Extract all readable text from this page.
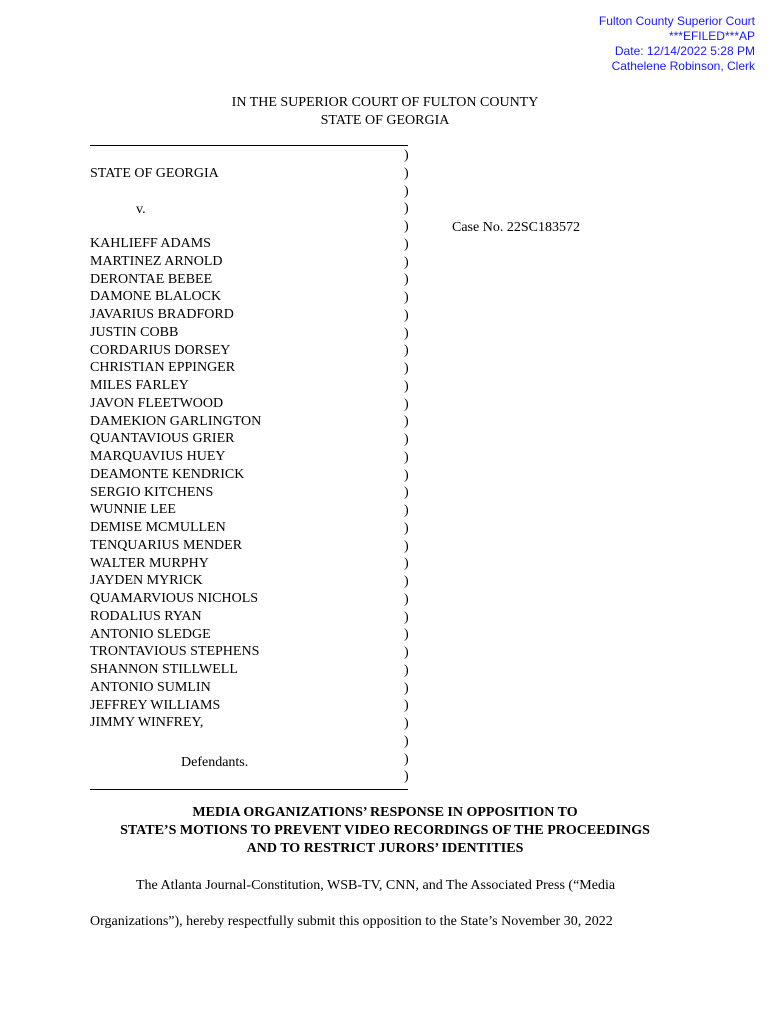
Fulton County Superior Court
***EFILED***AP
Date: 12/14/2022 5:28 PM
Cathelene Robinson, Clerk
IN THE SUPERIOR COURT OF FULTON COUNTY
STATE OF GEORGIA
)
)
)
)
)
)
)
)
)
)
)
)
)
)
)
)
)
)
)
)
)
)
)
)
)
)
)
)
)
)
)
)
)
)
)
)
STATE OF GEORGIA
v.
KAHLIEFF ADAMS
MARTINEZ ARNOLD
DERONTAE BEBEE
DAMONE BLALOCK
JAVARIUS BRADFORD
JUSTIN COBB
CORDARIUS DORSEY
CHRISTIAN EPPINGER
MILES FARLEY
JAVON FLEETWOOD
DAMEKION GARLINGTON
QUANTAVIOUS GRIER
MARQUAVIUS HUEY
DEAMONTE KENDRICK
SERGIO KITCHENS
WUNNIE LEE
DEMISE MCMULLEN
TENQUARIUS MENDER
WALTER MURPHY
JAYDEN MYRICK
QUAMARVIOUS NICHOLS
RODALIUS RYAN
ANTONIO SLEDGE
TRONTAVIOUS STEPHENS
SHANNON STILLWELL
ANTONIO SUMLIN
JEFFREY WILLIAMS
JIMMY WINFREY,
Defendants.
Case No. 22SC183572
MEDIA ORGANIZATIONS’ RESPONSE IN OPPOSITION TO
STATE’S MOTIONS TO PREVENT VIDEO RECORDINGS OF THE PROCEEDINGS
AND TO RESTRICT JURORS’ IDENTITIES
The Atlanta Journal-Constitution, WSB-TV, CNN, and The Associated Press (“Media
Organizations”), hereby respectfully submit this opposition to the State’s November 30, 2022
